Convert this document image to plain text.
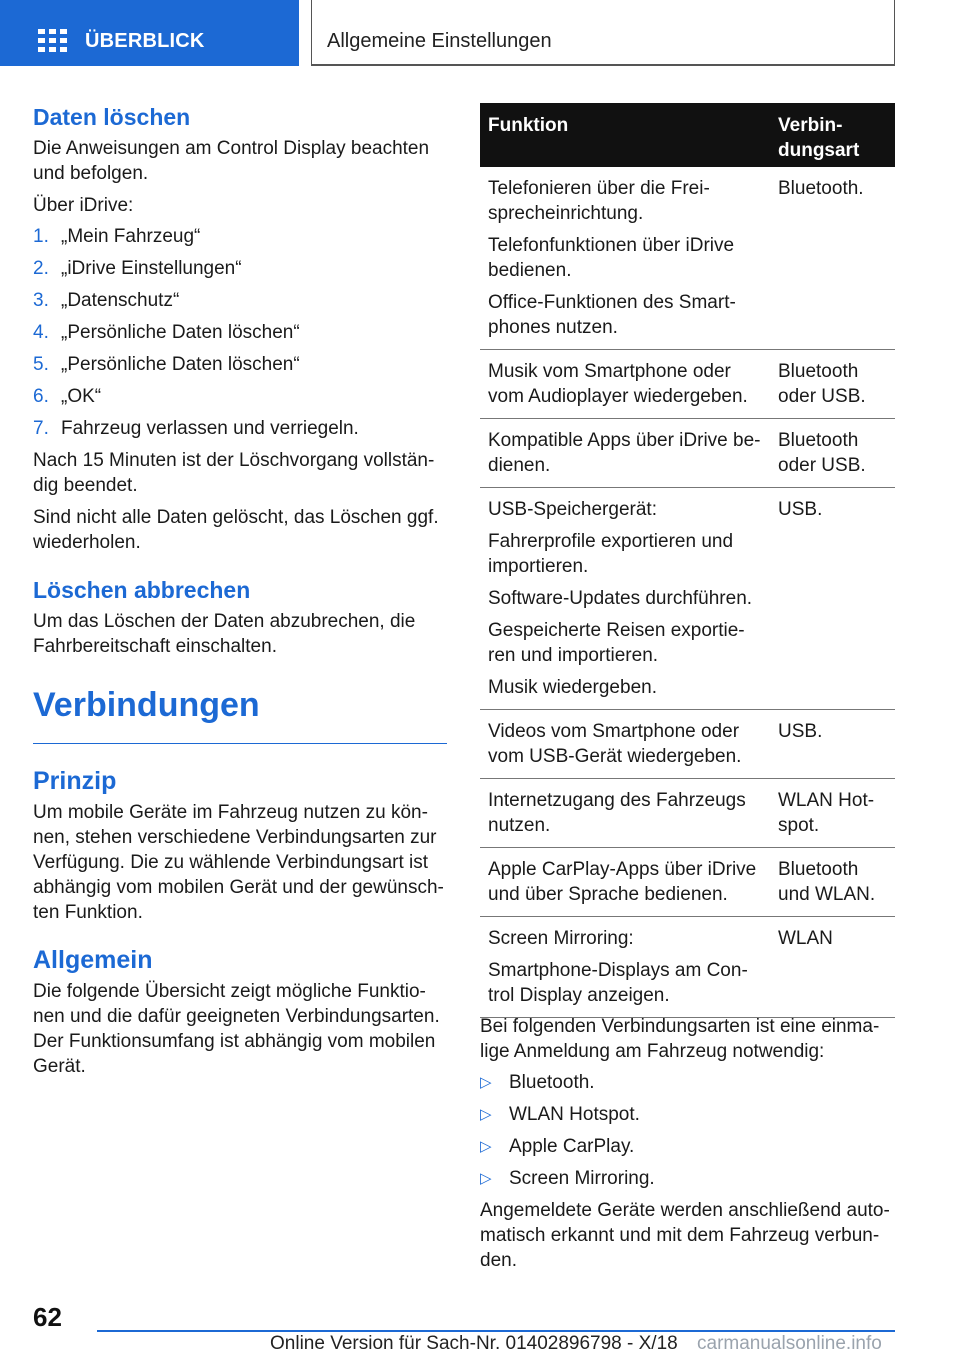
ÜBERBLICK	Allgemeine Einstellungen
Daten löschen
Die Anweisungen am Control Display beachten und befolgen.
Über iDrive:
1. „Mein Fahrzeug“
2. „iDrive Einstellungen“
3. „Datenschutz“
4. „Persönliche Daten löschen“
5. „Persönliche Daten löschen“
6. „OK“
7. Fahrzeug verlassen und verriegeln.
Nach 15 Minuten ist der Löschvorgang vollstän‐dig beendet.
Sind nicht alle Daten gelöscht, das Löschen ggf. wiederholen.
Löschen abbrechen
Um das Löschen der Daten abzubrechen, die Fahrbereitschaft einschalten.
Verbindungen
Prinzip
Um mobile Geräte im Fahrzeug nutzen zu kön‐nen, stehen verschiedene Verbindungsarten zur Verfügung. Die zu wählende Verbindungsart ist abhängig vom mobilen Gerät und der gewünsch‐ten Funktion.
Allgemein
Die folgende Übersicht zeigt mögliche Funktio‐nen und die dafür geeigneten Verbindungsarten. Der Funktionsumfang ist abhängig vom mobilen Gerät.
Funktion	Verbin‐dungsart
Telefonieren über die Frei‐sprecheinrichtung.
Telefonfunktionen über iDrive bedienen.
Office-Funktionen des Smart‐phones nutzen.
Bluetooth.
Musik vom Smartphone oder vom Audioplayer wiedergeben.
Bluetooth oder USB.
Kompatible Apps über iDrive be‐dienen.
Bluetooth oder USB.
USB-Speichergerät:
Fahrerprofile exportieren und importieren.
Software-Updates durchführen.
Gespeicherte Reisen exportie‐ren und importieren.
Musik wiedergeben.
USB.
Videos vom Smartphone oder vom USB-Gerät wiedergeben.
USB.
Internetzugang des Fahrzeugs nutzen.
WLAN Hot‐spot.
Apple CarPlay-Apps über iDrive und über Sprache bedienen.
Bluetooth und WLAN.
Screen Mirroring:
Smartphone-Displays am Con‐trol Display anzeigen.
WLAN
Bei folgenden Verbindungsarten ist eine einma‐lige Anmeldung am Fahrzeug notwendig:
▷ Bluetooth.
▷ WLAN Hotspot.
▷ Apple CarPlay.
▷ Screen Mirroring.
Angemeldete Geräte werden anschließend auto‐matisch erkannt und mit dem Fahrzeug verbun‐den.
62
Online Version für Sach-Nr. 01402896798 - X/18 carmanualsonline.info
